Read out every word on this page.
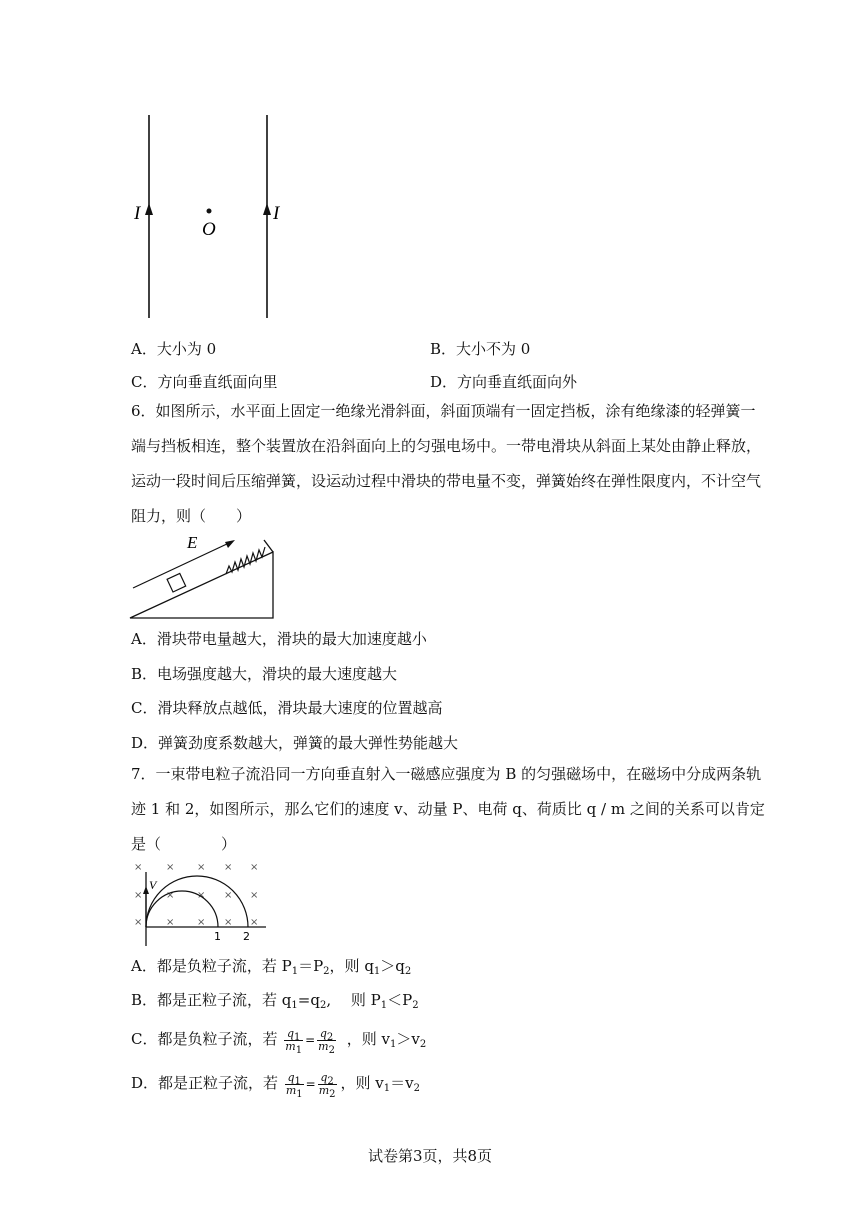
I	I
O
A．大小为 0	B．大小不为 0
C．方向垂直纸面向里	D．方向垂直纸面向外
6．如图所示，水平面上固定一绝缘光滑斜面，斜面顶端有一固定挡板，涂有绝缘漆的轻弹簧一端与挡板相连，整个装置放在沿斜面向上的匀强电场中。一带电滑块从斜面上某处由静止释放，运动一段时间后压缩弹簧，设运动过程中滑块的带电量不变，弹簧始终在弹性限度内，不计空气阻力，则（　　）
E
A．滑块带电量越大，滑块的最大加速度越小
B．电场强度越大，滑块的最大速度越大
C．滑块释放点越低，滑块最大速度的位置越高
D．弹簧劲度系数越大，弹簧的最大弹性势能越大
7．一束带电粒子流沿同一方向垂直射入一磁感应强度为 B 的匀强磁场中，在磁场中分成两条轨迹 1 和 2，如图所示，那么它们的速度 v、动量 P、电荷 q、荷质比 q / m 之间的关系可以肯定是（　　　　）
× × × × ×
× × × × ×
× × × × ×
V
1 2
A．都是负粒子流，若 $P_1=P_2$，则 $q_1>q_2$
B．都是正粒子流，若 $q_1=q_2$,　 则 $P_1<P_2$
C．都是负粒子流，若 $\frac{q_1}{m_1} = \frac{q_2}{m_2}$ ，则 $v_1>v_2$
D．都是正粒子流，若 $\frac{q_1}{m_1} = \frac{q_2}{m_2}$ ，则 $v_1=v_2$
试卷第3页，共8页
